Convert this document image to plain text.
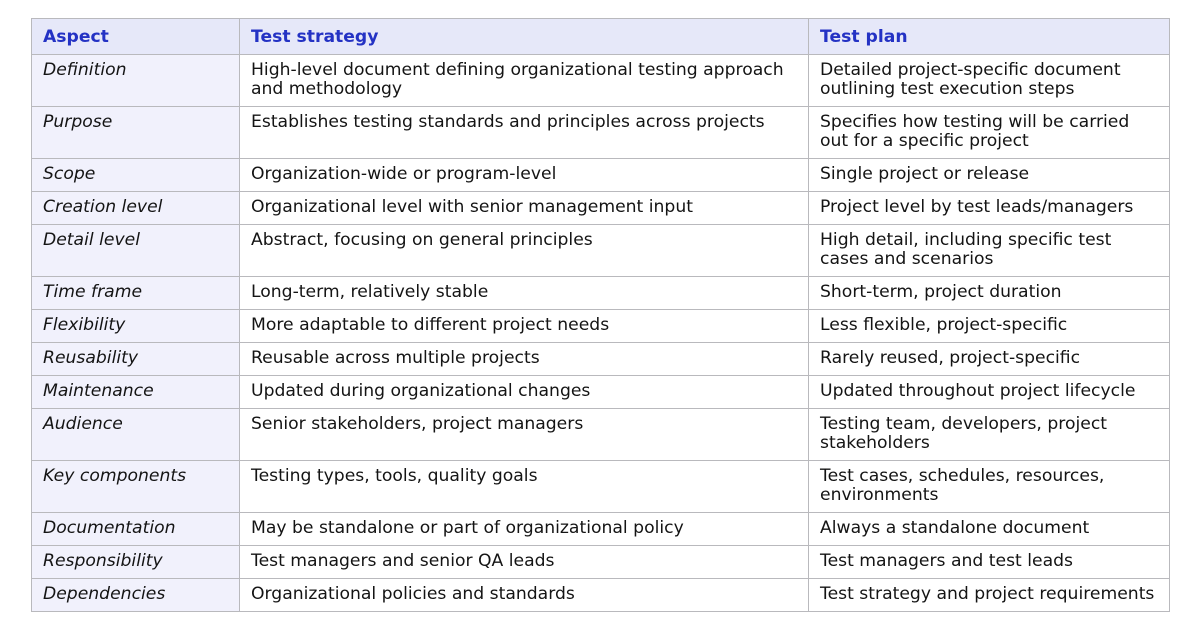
Aspect	Test strategy	Test plan
Definition	High-level document defining organizational testing approach and methodology	Detailed project-specific document outlining test execution steps
Purpose	Establishes testing standards and principles across projects	Specifies how testing will be carried out for a specific project
Scope	Organization-wide or program-level	Single project or release
Creation level	Organizational level with senior management input	Project level by test leads/managers
Detail level	Abstract, focusing on general principles	High detail, including specific test cases and scenarios
Time frame	Long-term, relatively stable	Short-term, project duration
Flexibility	More adaptable to different project needs	Less flexible, project-specific
Reusability	Reusable across multiple projects	Rarely reused, project-specific
Maintenance	Updated during organizational changes	Updated throughout project lifecycle
Audience	Senior stakeholders, project managers	Testing team, developers, project stakeholders
Key components	Testing types, tools, quality goals	Test cases, schedules, resources, environments
Documentation	May be standalone or part of organizational policy	Always a standalone document
Responsibility	Test managers and senior QA leads	Test managers and test leads
Dependencies	Organizational policies and standards	Test strategy and project requirements
